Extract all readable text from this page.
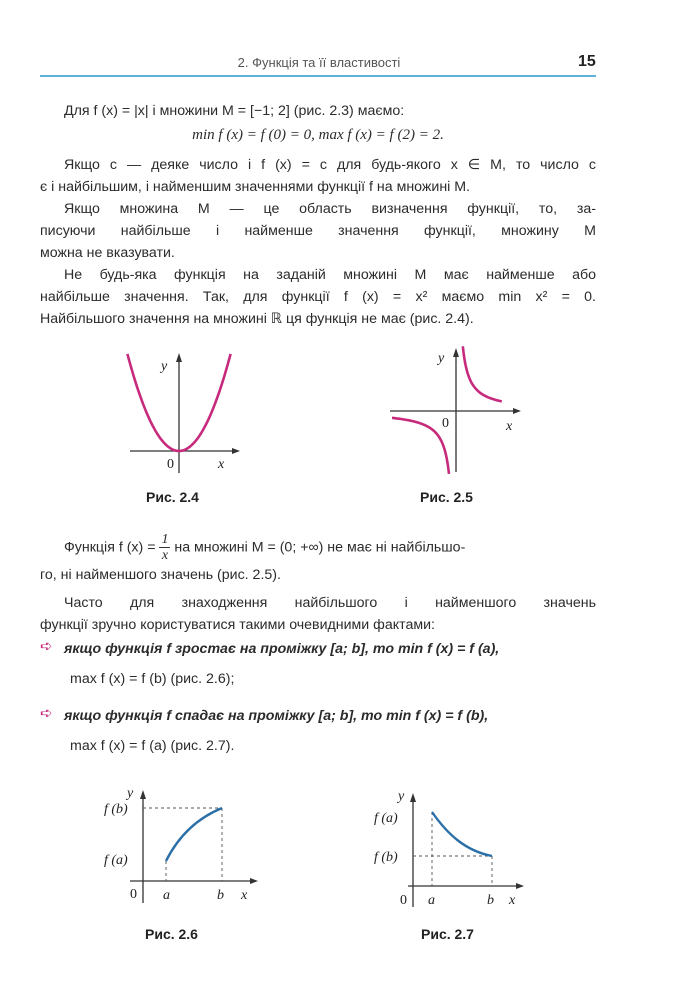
2. Функція та її властивості	15
Для f (x) = |x| і множини M = [−1; 2] (рис. 2.3) маємо:
min f (x) = f (0) = 0, max f (x) = f (2) = 2.
Якщо c — деяке число і f (x) = c для будь-якого x ∈ M, то число c
є і найбільшим, і найменшим значеннями функції f на множині M.
Якщо множина M — це область визначення функції, то, за-
писуючи найбільше і найменше значення функції, множину M
можна не вказувати.
Не будь-яка функція на заданій множині M має найменше або
найбільше значення. Так, для функції f (x) = x² маємо min x² = 0.
Найбільшого значення на множині ℝ ця функція не має (рис. 2.4).
y
x
0
y
x
0
Рис. 2.4	Рис. 2.5
Функція f $(x) = \frac{1}{x}$ на множині M = (0; +∞) не має ні найбільшо-
го, ні найменшого значень (рис. 2.5).
Часто для знаходження найбільшого і найменшого значень
функції зручно користуватися такими очевидними фактами:
➪ якщо функція f зростає на проміжку [a; b], то min f (x) = f (a),
max f (x) = f (b) (рис. 2.6);
➪ якщо функція f спадає на проміжку [a; b], то min f (x) = f (b),
max f (x) = f (a) (рис. 2.7).
y
f (b)
f (a)
0 a	b x
y
f (a)
f (b)
0 a	b x
Рис. 2.6	Рис. 2.7
